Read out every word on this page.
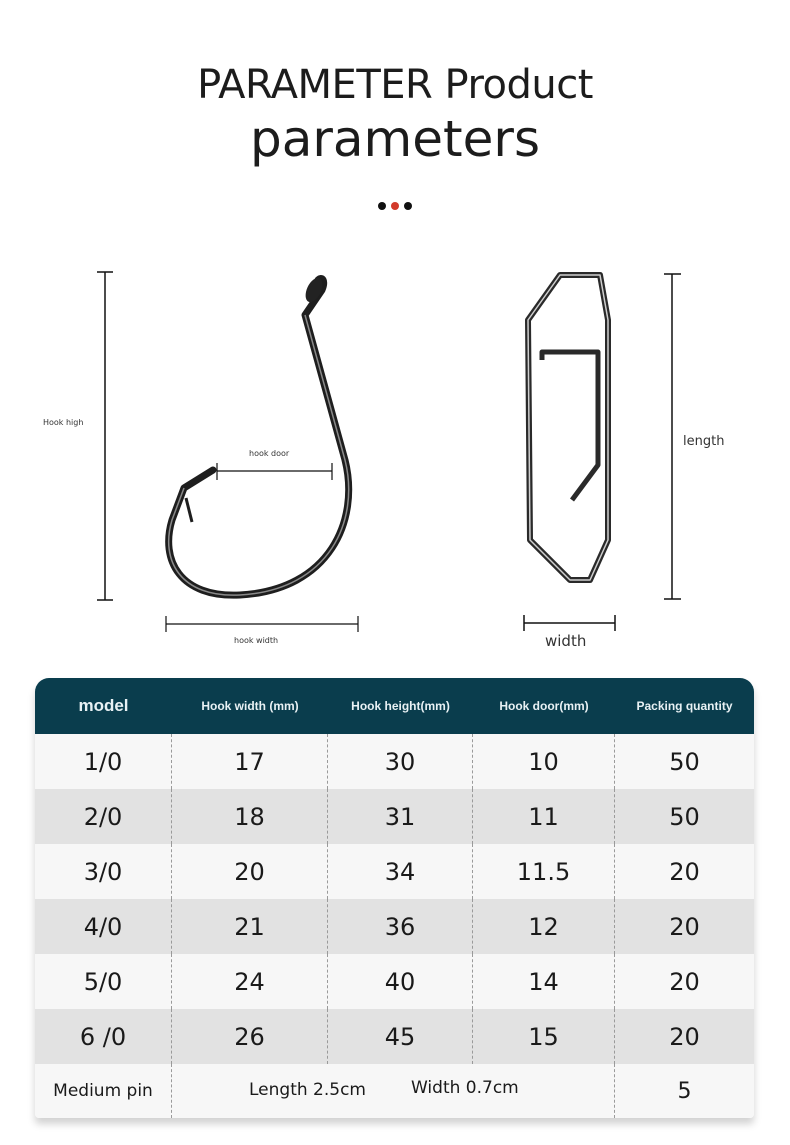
PARAMETER Product
parameters
Hook high
hook door
hook width
length
width
model	Hook width (mm)	Hook height(mm)	Hook door(mm)	Packing quantity
1/0	17	30	10	50
2/0	18	31	11	50
3/0	20	34	11.5	20
4/0	21	36	12	20
5/0	24	40	14	20
6 /0	26	45	15	20
Medium pin	Length 2.5cm	Width 0.7cm	5
